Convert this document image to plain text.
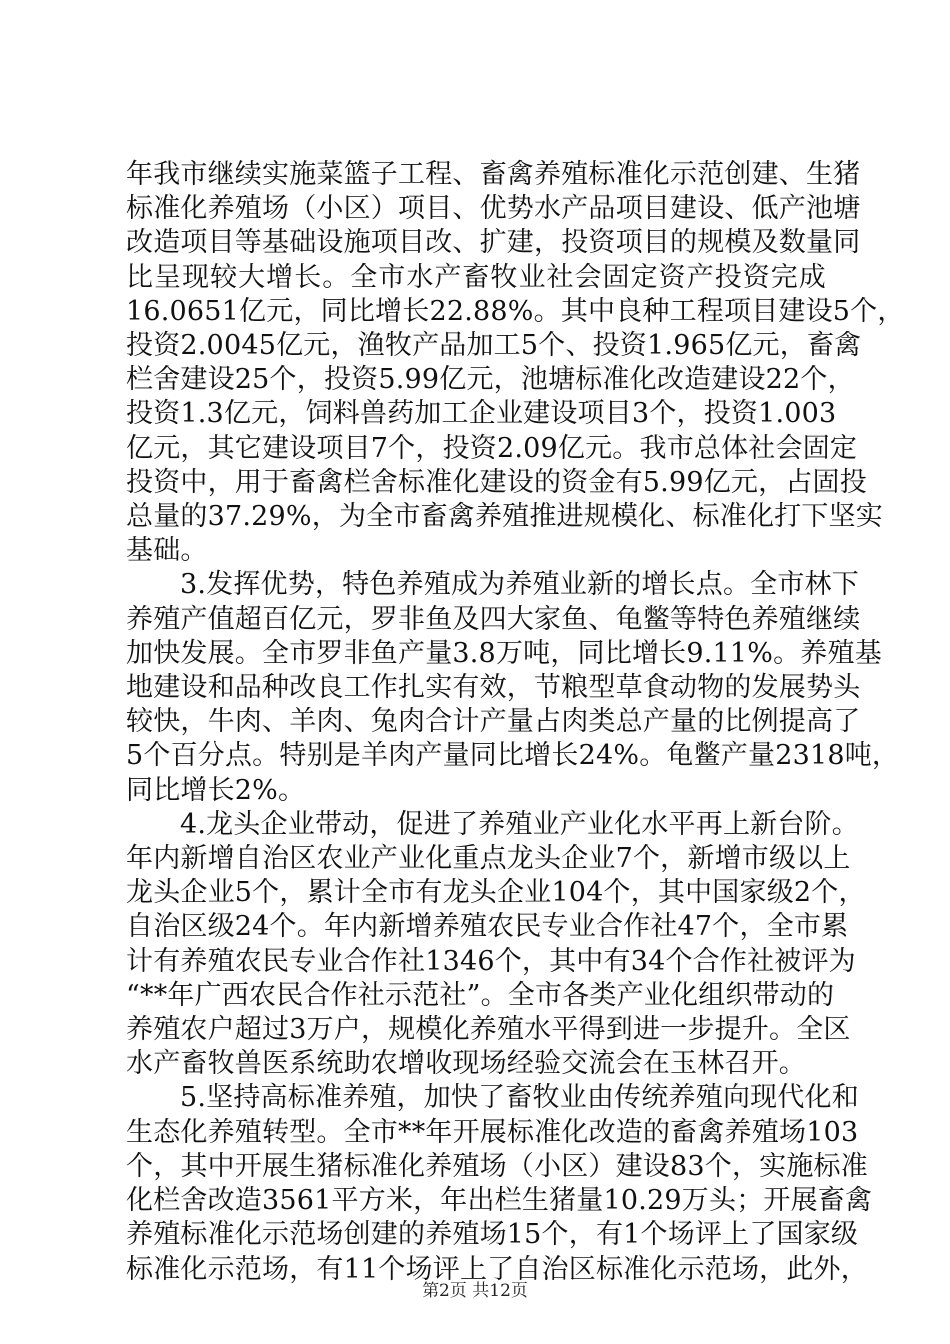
年我市继续实施菜篮子工程、畜禽养殖标准化示范创建、生猪
标准化养殖场（小区）项目、优势水产品项目建设、低产池塘
改造项目等基础设施项目改、扩建，投资项目的规模及数量同
比呈现较大增长。全市水产畜牧业社会固定资产投资完成
16.0651亿元，同比增长22.88%。其中良种工程项目建设5个，
投资2.0045亿元，渔牧产品加工5个、投资1.965亿元，畜禽
栏舍建设25个，投资5.99亿元，池塘标准化改造建设22个，
投资1.3亿元，饲料兽药加工企业建设项目3个，投资1.003
亿元，其它建设项目7个，投资2.09亿元。我市总体社会固定
投资中，用于畜禽栏舍标准化建设的资金有5.99亿元，占固投
总量的37.29%，为全市畜禽养殖推进规模化、标准化打下坚实
基础。
3.发挥优势，特色养殖成为养殖业新的增长点。全市林下
养殖产值超百亿元，罗非鱼及四大家鱼、龟鳖等特色养殖继续
加快发展。全市罗非鱼产量3.8万吨，同比增长9.11%。养殖基
地建设和品种改良工作扎实有效，节粮型草食动物的发展势头
较快，牛肉、羊肉、兔肉合计产量占肉类总产量的比例提高了
5个百分点。特别是羊肉产量同比增长24%。龟鳖产量2318吨，
同比增长2%。
4.龙头企业带动，促进了养殖业产业化水平再上新台阶。
年内新增自治区农业产业化重点龙头企业7个，新增市级以上
龙头企业5个，累计全市有龙头企业104个，其中国家级2个，
自治区级24个。年内新增养殖农民专业合作社47个，全市累
计有养殖农民专业合作社1346个，其中有34个合作社被评为
“**年广西农民合作社示范社”。全市各类产业化组织带动的
养殖农户超过3万户，规模化养殖水平得到进一步提升。全区
水产畜牧兽医系统助农增收现场经验交流会在玉林召开。
5.坚持高标准养殖，加快了畜牧业由传统养殖向现代化和
生态化养殖转型。全市**年开展标准化改造的畜禽养殖场103
个，其中开展生猪标准化养殖场（小区）建设83个，实施标准
化栏舍改造3561平方米，年出栏生猪量10.29万头；开展畜禽
养殖标准化示范场创建的养殖场15个，有1个场评上了国家级
标准化示范场，有11个场评上了自治区标准化示范场，此外，
第2页 共12页
